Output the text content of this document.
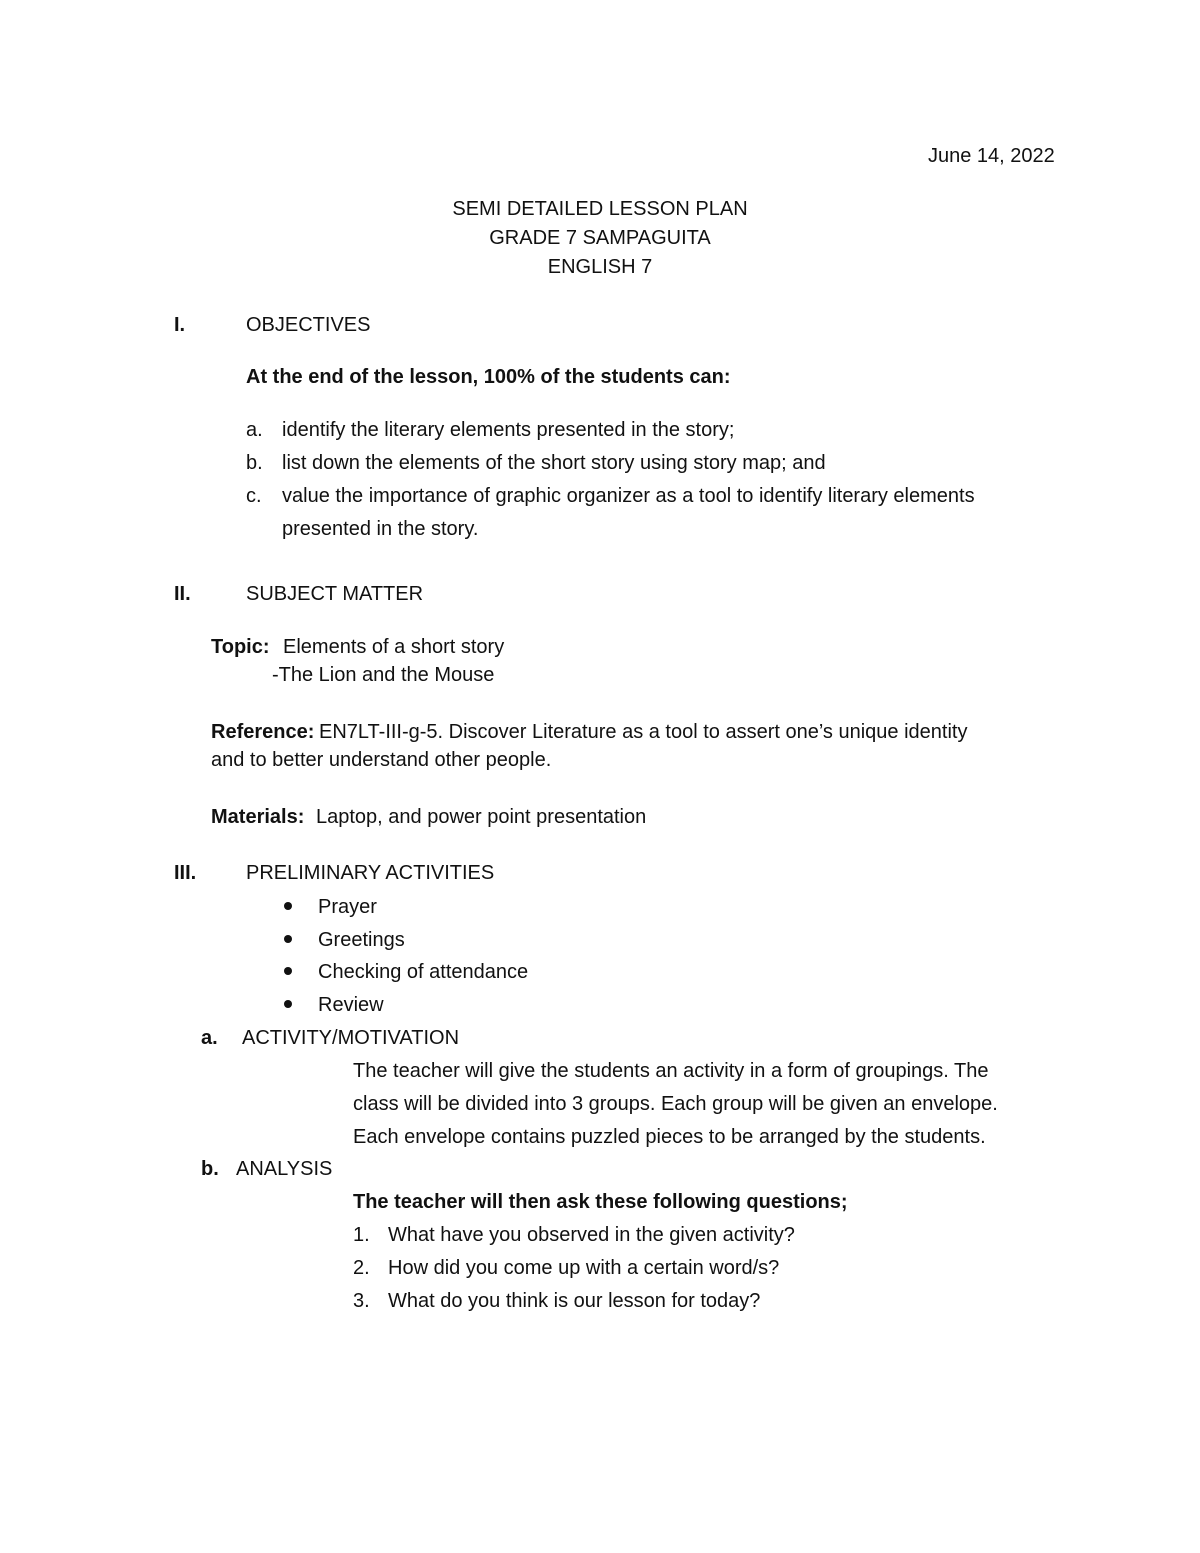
June 14, 2022
SEMI DETAILED LESSON PLAN
GRADE 7 SAMPAGUITA
ENGLISH 7
I.	OBJECTIVES
At the end of the lesson, 100% of the students can:
a. identify the literary elements presented in the story;
b. list down the elements of the short story using story map; and
c. value the importance of graphic organizer as a tool to identify literary elements
presented in the story.
II.	SUBJECT MATTER
Topic: Elements of a short story
-The Lion and the Mouse
Reference: EN7LT-III-g-5. Discover Literature as a tool to assert one’s unique identity
and to better understand other people.
Materials: Laptop, and power point presentation
III. PRELIMINARY ACTIVITIES
Prayer
Greetings
Checking of attendance
Review
a. ACTIVITY/MOTIVATION
The teacher will give the students an activity in a form of groupings. The
class will be divided into 3 groups. Each group will be given an envelope.
Each envelope contains puzzled pieces to be arranged by the students.
b. ANALYSIS
The teacher will then ask these following questions;
1. What have you observed in the given activity?
2. How did you come up with a certain word/s?
3. What do you think is our lesson for today?
